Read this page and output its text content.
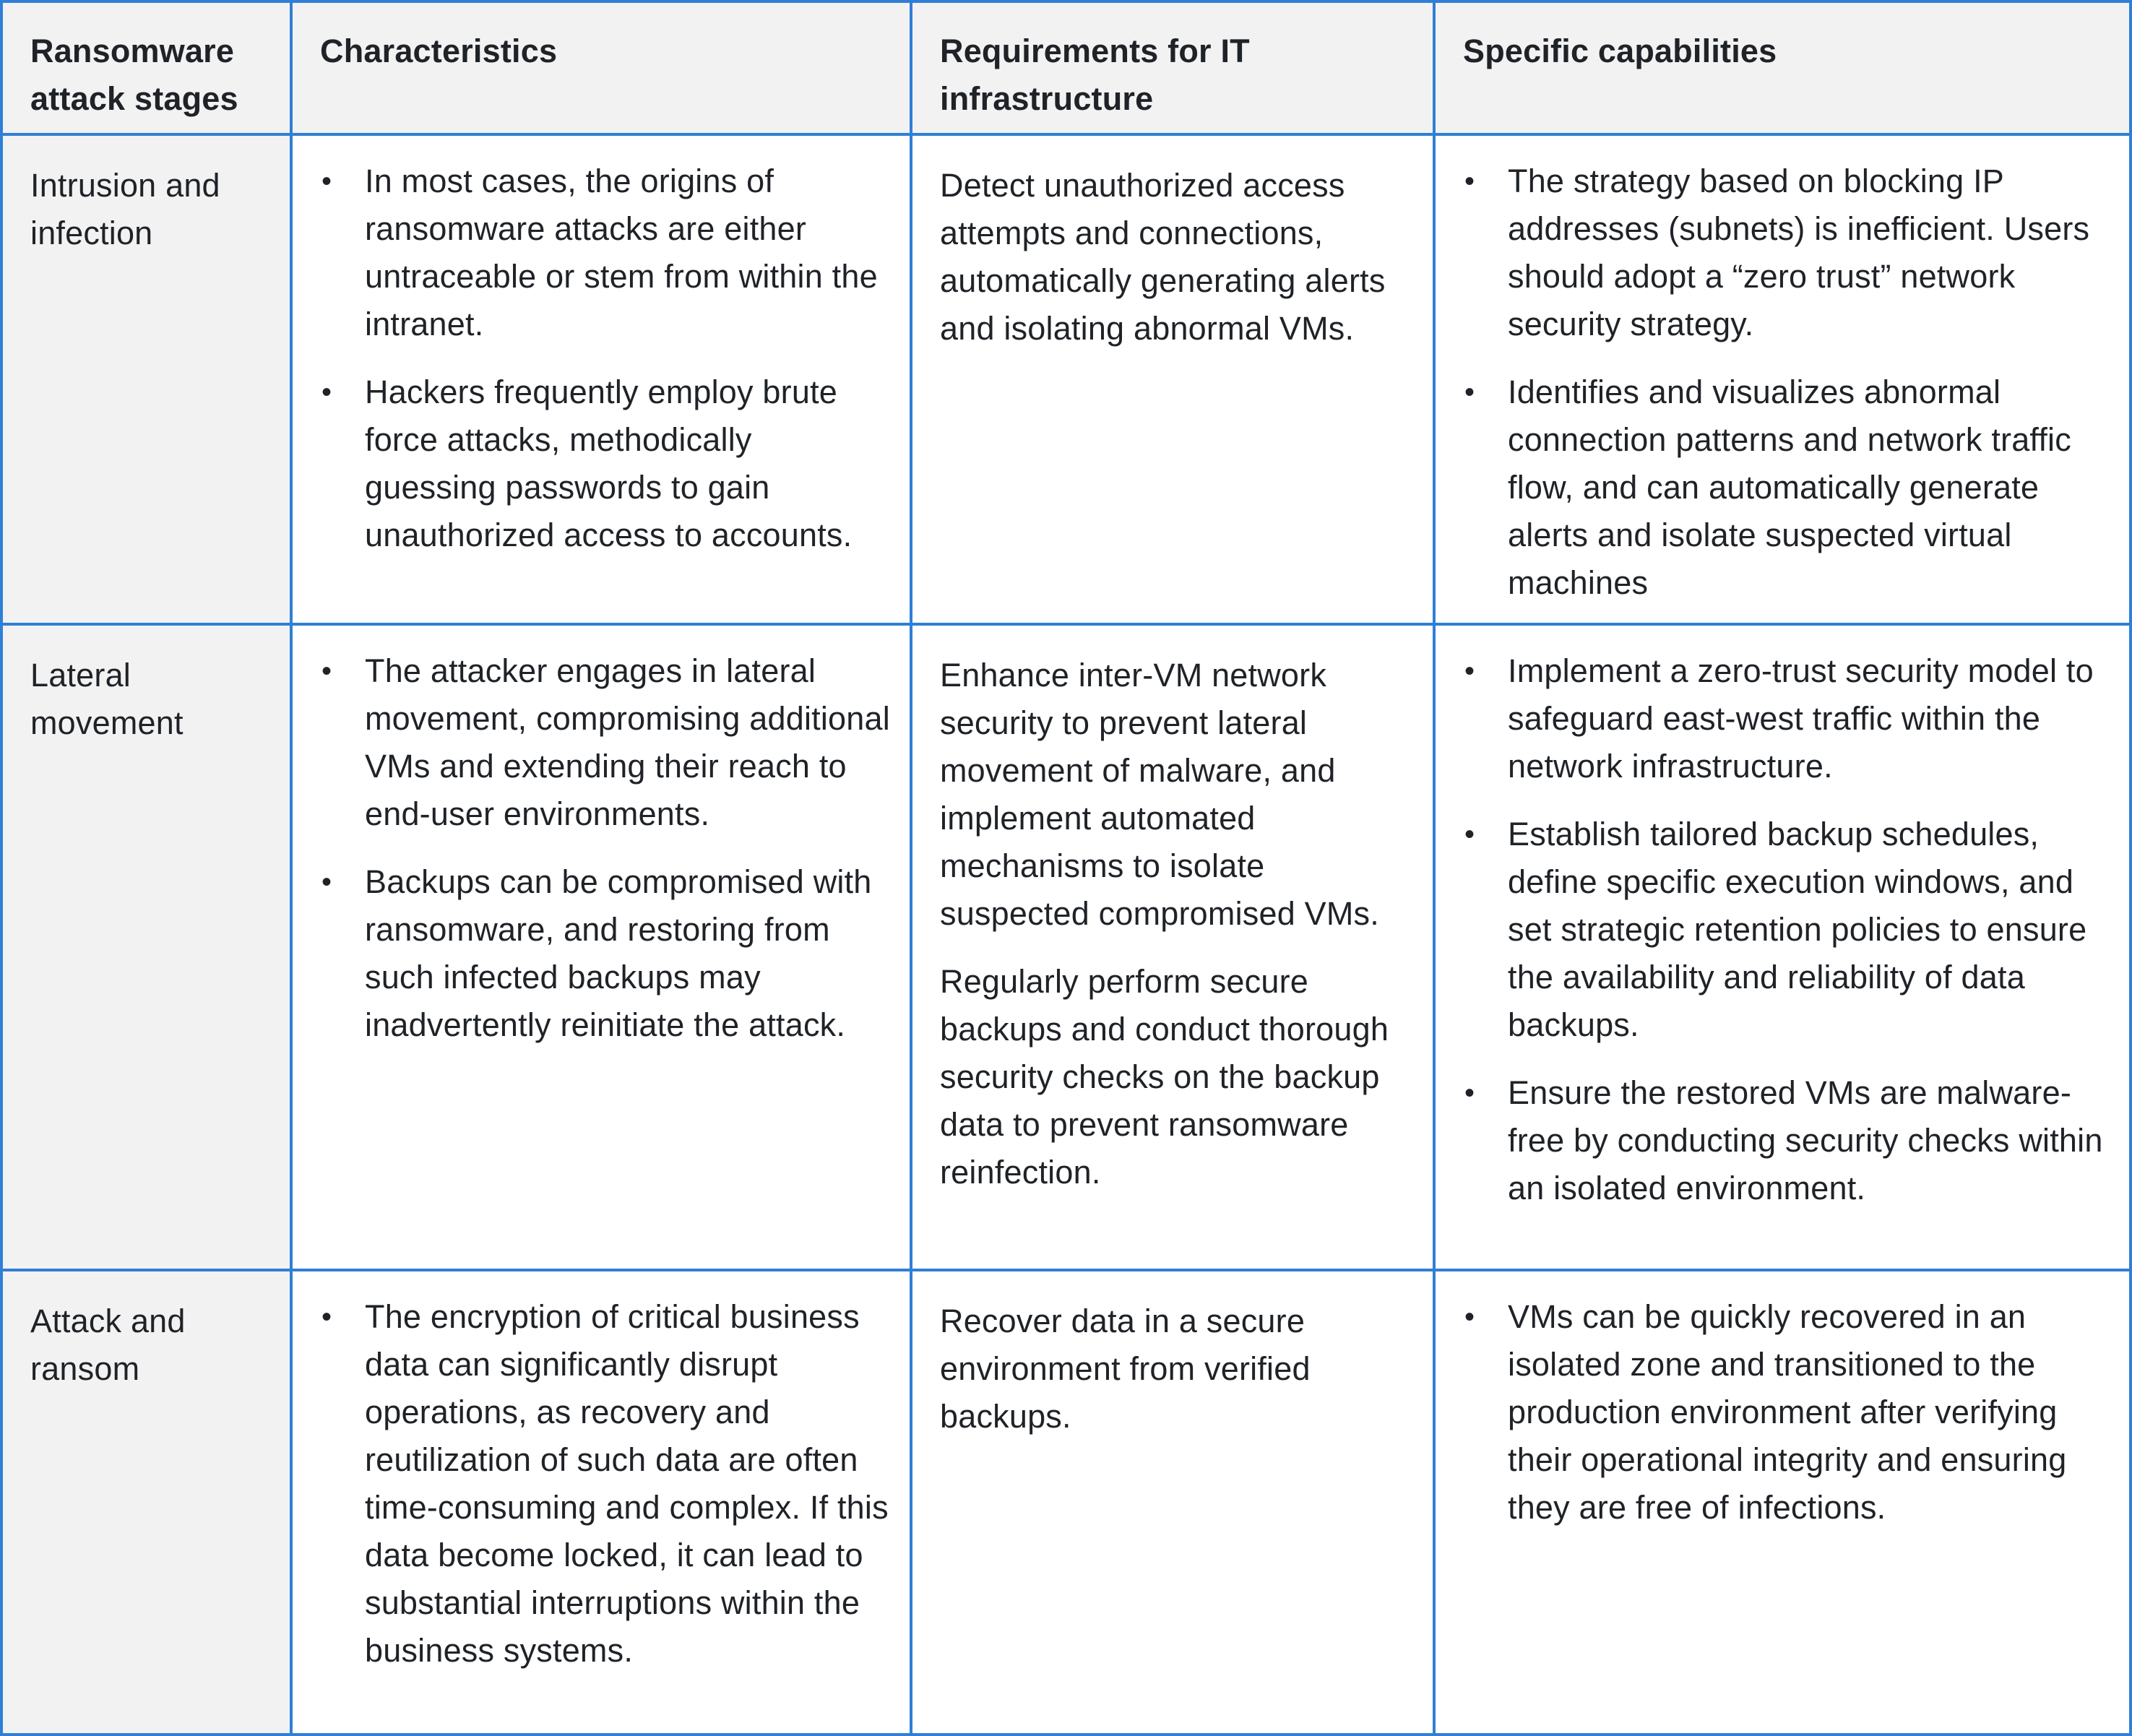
Ransomware attack stages
Characteristics	Requirements for IT infrastructure
Specific capabilities
Intrusion and infection
• In most cases, the origins of ransomware attacks are either untraceable or stem from within the intranet.
• Hackers frequently employ brute force attacks, methodically guessing passwords to gain unauthorized access to accounts.

Detect unauthorized access attempts and connections, automatically generating alerts and isolating abnormal VMs.

• The strategy based on blocking IP addresses (subnets) is inefficient. Users should adopt a “zero trust” network security strategy.
• Identifies and visualizes abnormal connection patterns and network traffic flow, and can automatically generate alerts and isolate suspected virtual machines
Lateral movement
• The attacker engages in lateral movement, compromising additional VMs and extending their reach to end-user environments.
• Backups can be compromised with ransomware, and restoring from such infected backups may inadvertently reinitiate the attack.

Enhance inter-VM network security to prevent lateral movement of malware, and implement automated mechanisms to isolate suspected compromised VMs.

Regularly perform secure backups and conduct thorough security checks on the backup data to prevent ransomware reinfection.

• Implement a zero-trust security model to safeguard east-west traffic within the network infrastructure.
• Establish tailored backup schedules, define specific execution windows, and set strategic retention policies to ensure the availability and reliability of data backups.
• Ensure the restored VMs are malware-free by conducting security checks within an isolated environment.
Attack and ransom
• The encryption of critical business data can significantly disrupt operations, as recovery and reutilization of such data are often time-consuming and complex. If this data become locked, it can lead to substantial interruptions within the business systems.

Recover data in a secure environment from verified backups.

• VMs can be quickly recovered in an isolated zone and transitioned to the production environment after verifying their operational integrity and ensuring they are free of infections.
